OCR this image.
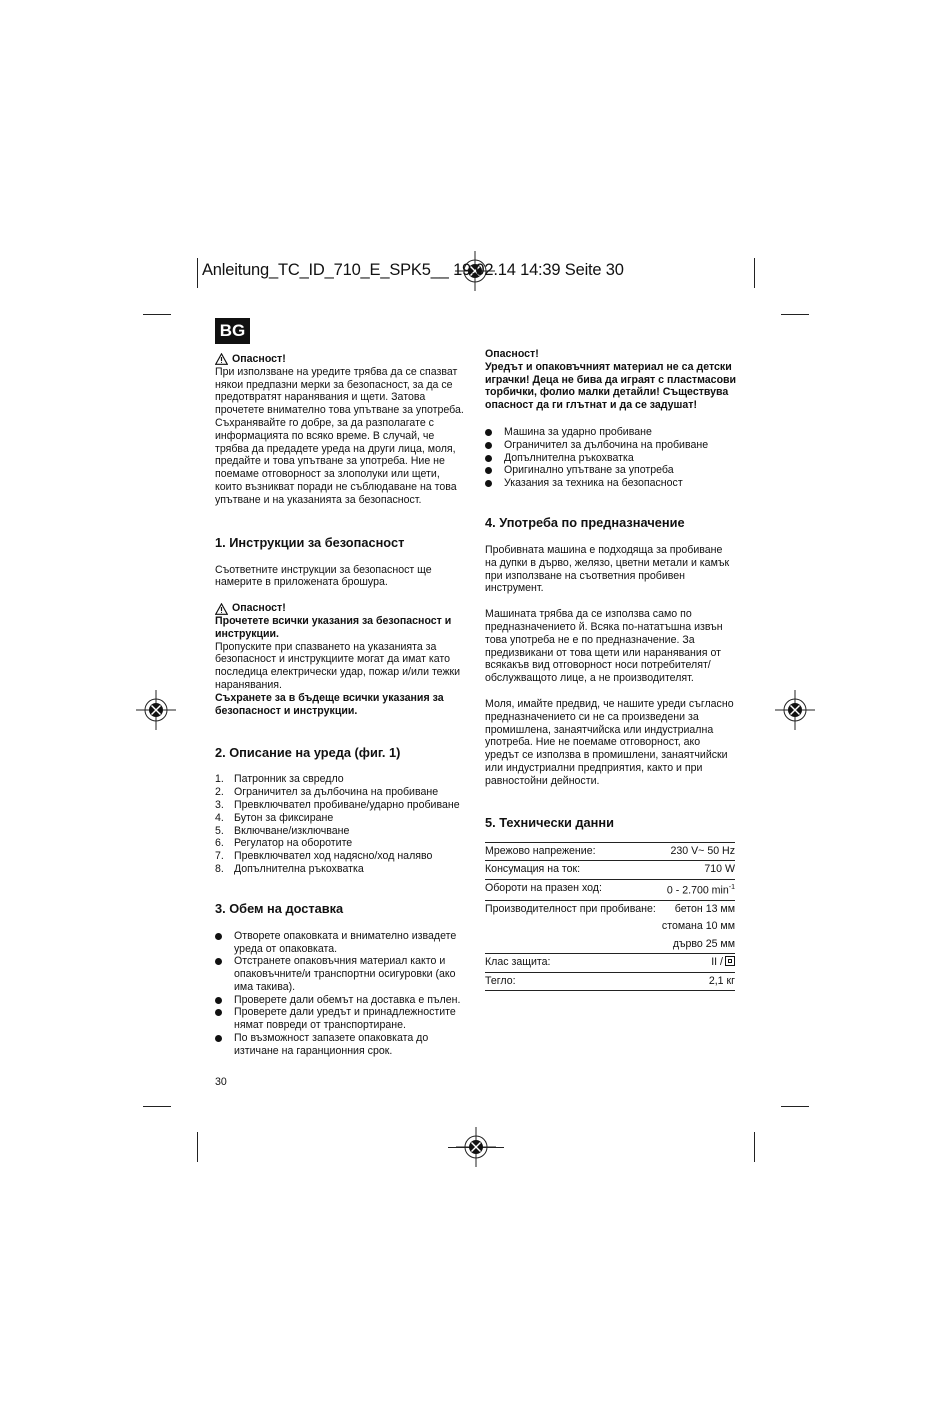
Anleitung_TC_ID_710_E_SPK5__ 19.02.14 14:39 Seite 30
BG
Опасност!

При използване на уредите трябва да се спазват някои предпазни мерки за безопасност, за да се предотвратят наранявания и щети. Затова прочетете внимателно това упътване за употреба. Съхранявайте го добре, за да разполагате с информацията по всяко време. В случай, че трябва да предадете уреда на други лица, моля, предайте и това упътване за употреба. Ние не поемаме отговорност за злополуки или щети, които възникват поради не съблюдаване на това упътване и на указанията за безопасност.

1. Инструкции за безопасност

Съответните инструкции за безопасност ще намерите в приложената брошура.

Опасност!

Прочетете всички указания за безопасност и инструкции.

Пропуските при спазването на указанията за безопасност и инструкциите могат да имат като последица електрически удар, пожар и/или тежки наранявания.

Съхранете за в бъдеще всички указания за безопасност и инструкции.

2. Описание на уреда (фиг. 1)
1. Патронник за свредло
2. Ограничител за дълбочина на пробиване
3. Превключвател пробиване/ударно пробиване
4. Бутон за фиксиране
5. Включване/изключване
6. Регулатор на оборотите
7. Превключвател ход надясно/ход наляво
8. Допълнителна ръкохватка
3. Обем на доставка
Отворете опаковката и внимателно извадете уреда от опаковката.
Отстранете опаковъчния материал както и опаковъчните/и транспортни осигуровки (ако има такива).
Проверете дали обемът на доставка е пълен.
Проверете дали уредът и принадлежностите нямат повреди от транспортиране.
По възможност запазете опаковката до изтичане на гаранционния срок.
30

Опасност!

Уредът и опаковъчният материал не са детски играчки! Деца не бива да играят с пластмасови торбички, фолио малки детайли! Съществува опасност да ги глътнат и да се задушат!

Машина за ударно пробиване
Ограничител за дълбочина на пробиване
Допълнителна ръкохватка
Оригинално упътване за употреба
Указания за техника на безопасност
4. Употреба по предназначение

Пробивната машина е подходяща за пробиване на дупки в дърво, желязо, цветни метали и камък при използване на съответния пробивен инструмент.

Машината трябва да се използва само по предназначението й. Всяка по-нататъшна извън това употреба не е по предназначение. За предизвикани от това щети или наранявания от всякакъв вид отговорност носи потребителят/обслужващото лице, а не производителят.

Моля, имайте предвид, че нашите уреди съгласно предназначението си не са произведени за промишлена, занаятчийска или индустриална употреба. Ние не поемаме отговорност, ако уредът се използва в промишлени, занаятчийски или индустриални предприятия, както и при равностойни дейности.

5. Технически данни
Мрежово напрежение:	230 V~ 50 Hz
Консумация на ток:	710 W
Обороти на празен ход:	0 - 2.700 $\min^{-1}$
Производителност при пробиване:	бетон 13 мм
	стомана 10 мм
	дърво 25 мм
Клас защита:	II /
Тегло:	2,1 кг
